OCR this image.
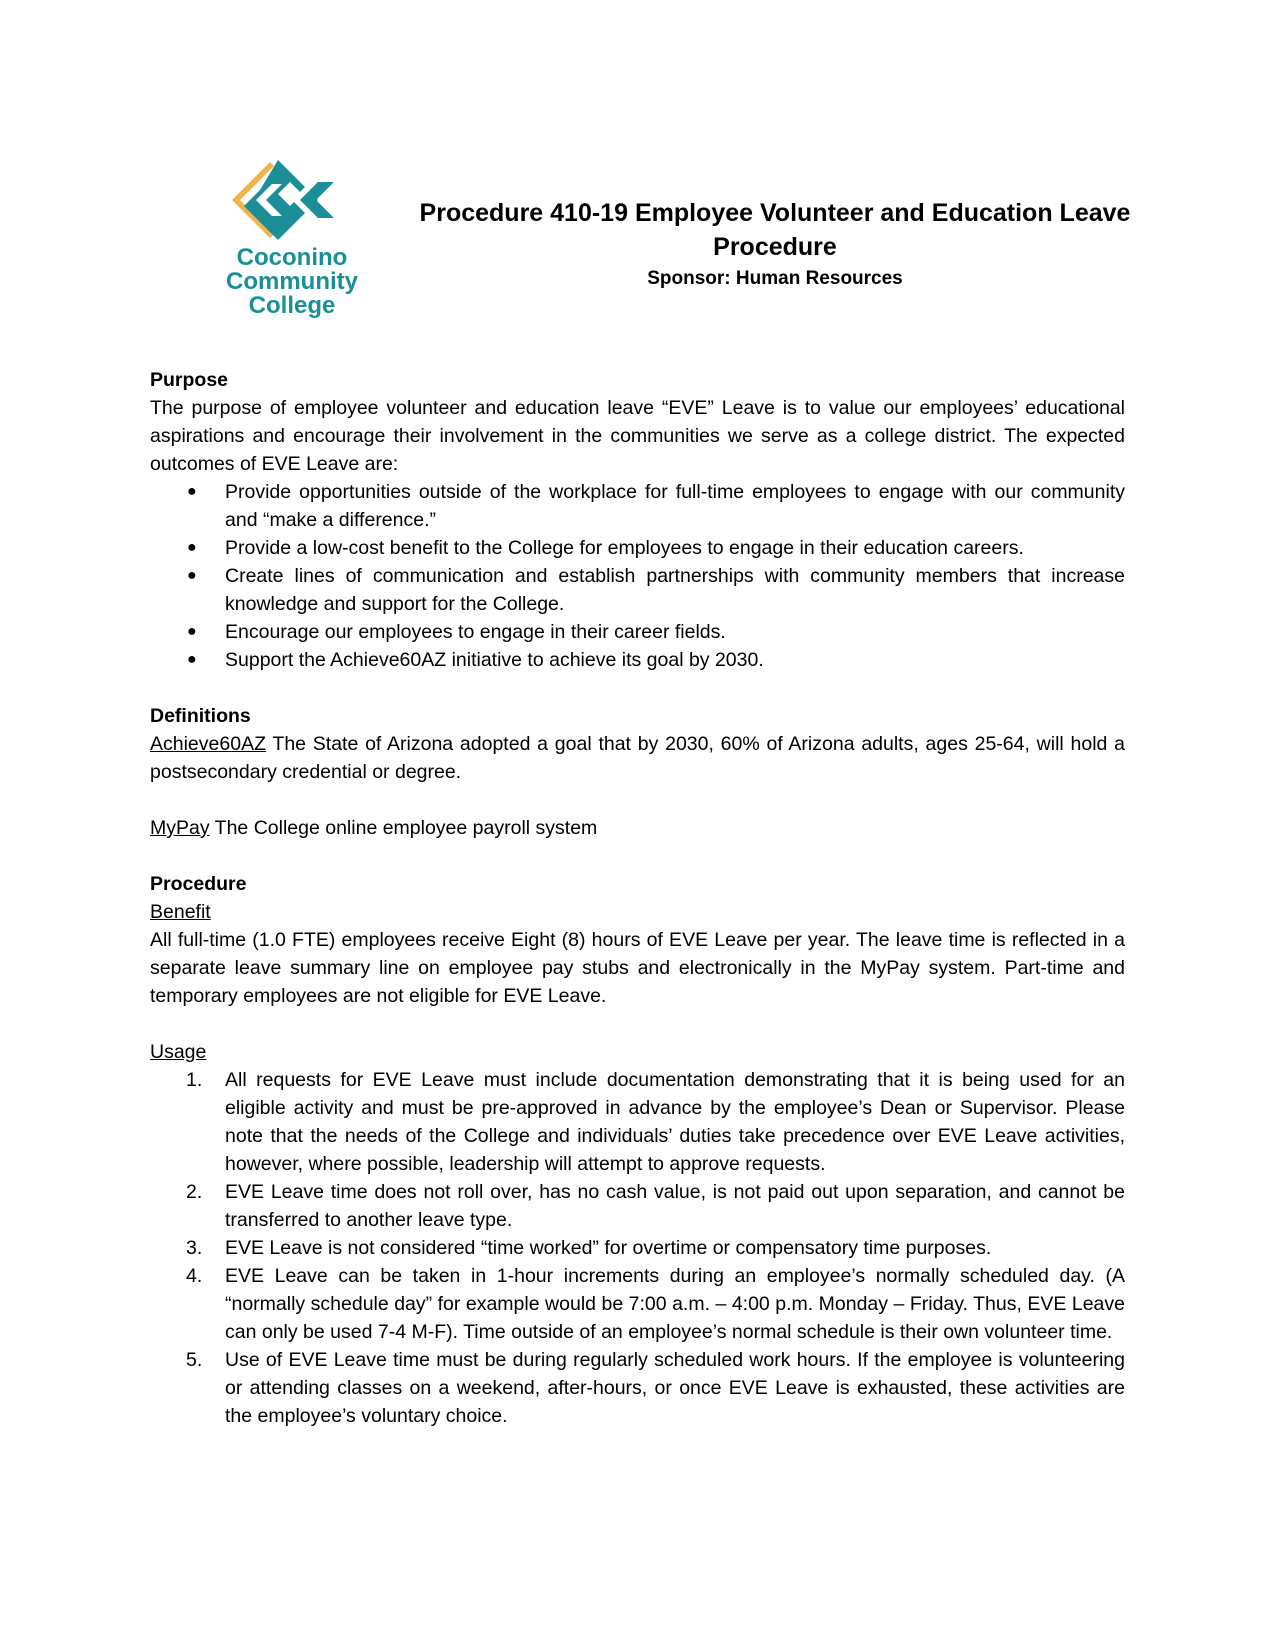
Coconino
Community
College
Procedure 410-19 Employee Volunteer and Education Leave
Procedure
Sponsor: Human Resources
Purpose
The purpose of employee volunteer and education leave “EVE” Leave is to value our employees’ educational aspirations and encourage their involvement in the communities we serve as a college district. The expected outcomes of EVE Leave are:
● Provide opportunities outside of the workplace for full-time employees to engage with our community and “make a difference.”
● Provide a low-cost benefit to the College for employees to engage in their education careers.
● Create lines of communication and establish partnerships with community members that increase knowledge and support for the College.
● Encourage our employees to engage in their career fields.
● Support the Achieve60AZ initiative to achieve its goal by 2030.
Definitions
Achieve60AZ The State of Arizona adopted a goal that by 2030, 60% of Arizona adults, ages 25-64, will hold a postsecondary credential or degree.
MyPay The College online employee payroll system
Procedure
Benefit
All full-time (1.0 FTE) employees receive Eight (8) hours of EVE Leave per year. The leave time is reflected in a separate leave summary line on employee pay stubs and electronically in the MyPay system. Part-time and temporary employees are not eligible for EVE Leave.
Usage
1. All requests for EVE Leave must include documentation demonstrating that it is being used for an eligible activity and must be pre-approved in advance by the employee’s Dean or Supervisor. Please note that the needs of the College and individuals’ duties take precedence over EVE Leave activities, however, where possible, leadership will attempt to approve requests.
2. EVE Leave time does not roll over, has no cash value, is not paid out upon separation, and cannot be transferred to another leave type.
3. EVE Leave is not considered “time worked” for overtime or compensatory time purposes.
4. EVE Leave can be taken in 1-hour increments during an employee’s normally scheduled day. (A “normally schedule day” for example would be 7:00 a.m. – 4:00 p.m. Monday – Friday. Thus, EVE Leave can only be used 7-4 M-F). Time outside of an employee’s normal schedule is their own volunteer time.
5. Use of EVE Leave time must be during regularly scheduled work hours. If the employee is volunteering or attending classes on a weekend, after-hours, or once EVE Leave is exhausted, these activities are the employee’s voluntary choice.
